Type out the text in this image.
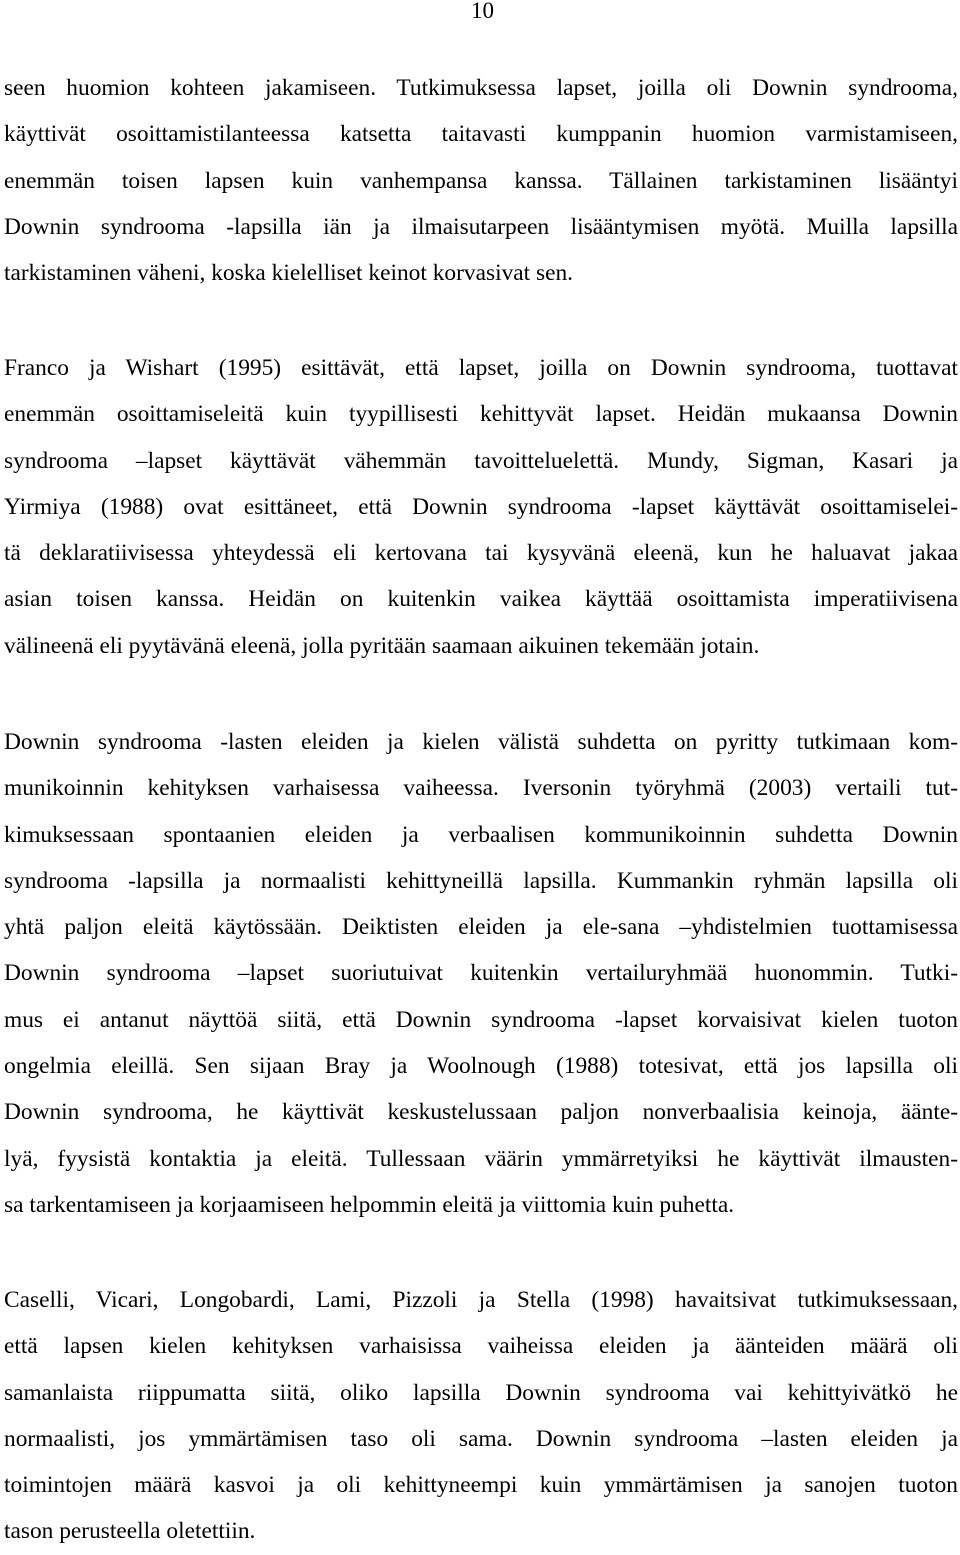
10
seen huomion kohteen jakamiseen. Tutkimuksessa lapset, joilla oli Downin syndrooma,
käyttivät osoittamistilanteessa katsetta taitavasti kumppanin huomion varmistamiseen,
enemmän toisen lapsen kuin vanhempansa kanssa. Tällainen tarkistaminen lisääntyi
Downin syndrooma -lapsilla iän ja ilmaisutarpeen lisääntymisen myötä. Muilla lapsilla
tarkistaminen väheni, koska kielelliset keinot korvasivat sen.
Franco ja Wishart (1995) esittävät, että lapset, joilla on Downin syndrooma, tuottavat
enemmän osoittamiseleitä kuin tyypillisesti kehittyvät lapset. Heidän mukaansa Downin
syndrooma –lapset käyttävät vähemmän tavoitteluelettä. Mundy, Sigman, Kasari ja
Yirmiya (1988) ovat esittäneet, että Downin syndrooma -lapset käyttävät osoittamiselei-
tä deklaratiivisessa yhteydessä eli kertovana tai kysyvänä eleenä, kun he haluavat jakaa
asian toisen kanssa. Heidän on kuitenkin vaikea käyttää osoittamista imperatiivisena
välineenä eli pyytävänä eleenä, jolla pyritään saamaan aikuinen tekemään jotain.
Downin syndrooma -lasten eleiden ja kielen välistä suhdetta on pyritty tutkimaan kom-
munikoinnin kehityksen varhaisessa vaiheessa. Iversonin työryhmä (2003) vertaili tut-
kimuksessaan spontaanien eleiden ja verbaalisen kommunikoinnin suhdetta Downin
syndrooma -lapsilla ja normaalisti kehittyneillä lapsilla. Kummankin ryhmän lapsilla oli
yhtä paljon eleitä käytössään. Deiktisten eleiden ja ele-sana –yhdistelmien tuottamisessa
Downin syndrooma –lapset suoriutuivat kuitenkin vertailuryhmää huonommin. Tutki-
mus ei antanut näyttöä siitä, että Downin syndrooma -lapset korvaisivat kielen tuoton
ongelmia eleillä. Sen sijaan Bray ja Woolnough (1988) totesivat, että jos lapsilla oli
Downin syndrooma, he käyttivät keskustelussaan paljon nonverbaalisia keinoja, äänte-
lyä, fyysistä kontaktia ja eleitä. Tullessaan väärin ymmärretyiksi he käyttivät ilmausten-
sa tarkentamiseen ja korjaamiseen helpommin eleitä ja viittomia kuin puhetta.
Caselli, Vicari, Longobardi, Lami, Pizzoli ja Stella (1998) havaitsivat tutkimuksessaan,
että lapsen kielen kehityksen varhaisissa vaiheissa eleiden ja äänteiden määrä oli
samanlaista riippumatta siitä, oliko lapsilla Downin syndrooma vai kehittyivätkö he
normaalisti, jos ymmärtämisen taso oli sama. Downin syndrooma –lasten eleiden ja
toimintojen määrä kasvoi ja oli kehittyneempi kuin ymmärtämisen ja sanojen tuoton
tason perusteella oletettiin.
